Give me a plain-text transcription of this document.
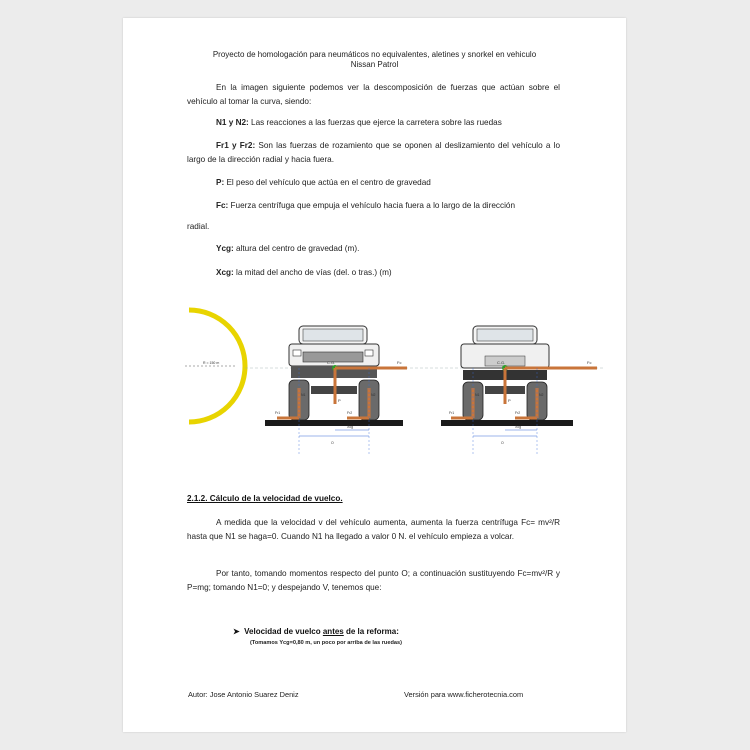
Proyecto de homologación para neumáticos no equivalentes, aletines y snorkel en vehiculo
Nissan Patrol
En la imagen siguiente podemos ver la descomposición de fuerzas que actúan sobre el vehículo al tomar la curva, siendo:
N1 y N2: Las reacciones a las fuerzas que ejerce la carretera sobre las ruedas
Fr1 y Fr2: Son las fuerzas de rozamiento que se oponen al deslizamiento del vehículo a lo largo de la dirección radial y hacia fuera.
P: El peso del vehículo que actúa en el centro de gravedad
Fc: Fuerza centrífuga que empuja el vehículo hacia fuera a lo largo de la dirección
radial.
Ycg: altura del centro de gravedad (m).
Xcg: la mitad del ancho de vías (del. o tras.) (m)
R = 150 m	C.G.	Fc
P
Fr1	Fr2
N1	N2
Xcg
O
C.G.	Fc
P
Fr1	Fr2
N1	N2
Xcg
O
2.1.2. Cálculo de la velocidad de vuelco.
A medida que la velocidad v del vehículo aumenta, aumenta la fuerza centrífuga Fc= mv²/R hasta que N1 se haga=0. Cuando N1 ha llegado a valor 0 N. el vehículo empieza a volcar.
Por tanto, tomando momentos respecto del punto O; a continuación sustituyendo Fc=mv²/R y P=mg; tomando N1=0; y despejando V, tenemos que:
➤  Velocidad de vuelco antes de la reforma:
(Tomamos Ycg=0,80 m, un poco por arriba de las ruedas)
Autor: Jose Antonio Suarez Deniz	Versión para www.ficherotecnia.com
